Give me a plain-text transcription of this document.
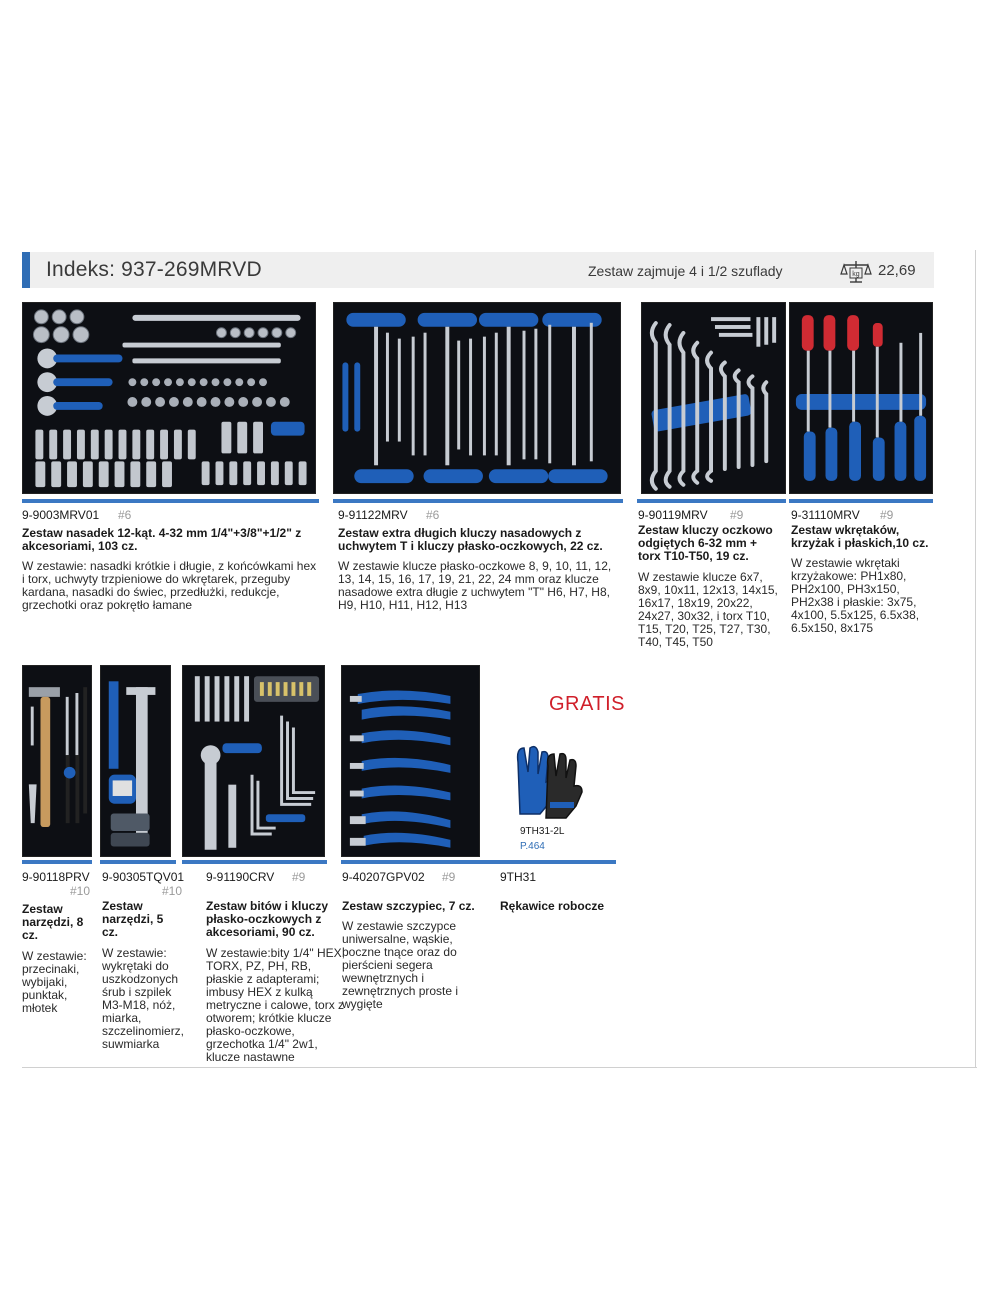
Indeks: 937-269MRVD	Zestaw zajmuje 4 i 1/2 szuflady	kg 22,69
9-9003MRV01 #6
Zestaw nasadek 12-kąt. 4-32 mm 1/4"+3/8"+1/2" z akcesoriami, 103 cz.
W zestawie: nasadki krótkie i długie, z końcówkami hex i torx, uchwyty trzpieniowe do wkrętarek, przeguby kardana, nasadki do świec, przedłużki, redukcje, grzechotki oraz pokrętło łamane
9-91122MRV #6
Zestaw extra długich kluczy nasadowych z uchwytem T i kluczy płasko-oczkowych, 22 cz.
W zestawie klucze płasko-oczkowe 8, 9, 10, 11, 12, 13, 14, 15, 16, 17, 19, 21, 22, 24 mm oraz klucze nasadowe extra długie z uchwytem "T" H6, H7, H8, H9, H10, H11, H12, H13
9-90119MRV #9
Zestaw kluczy oczkowo odgiętych 6-32 mm + torx T10-T50, 19 cz.
W zestawie klucze 6x7, 8x9, 10x11, 12x13, 14x15, 16x17, 18x19, 20x22, 24x27, 30x32, i torx T10, T15, T20, T25, T27, T30, T40, T45, T50
9-31110MRV #9
Zestaw wkrętaków, krzyżak i płaskich,10 cz.
W zestawie wkrętaki krzyżakowe: PH1x80, PH2x100, PH3x150, PH2x38 i płaskie: 3x75, 4x100, 5.5x125, 6.5x38, 6.5x150, 8x175
GRATIS
9TH31-2L
P.464
9-90118PRV
#10
Zestaw narzędzi, 8 cz.
W zestawie: przecinaki, wybijaki, punktak, młotek
9-90305TQV01
#10
Zestaw narzędzi, 5 cz.
W zestawie: wykrętaki do uszkodzonych śrub i szpilek M3-M18, nóż, miarka, szczelinomierz, suwmiarka
9-91190CRV #9
Zestaw bitów i kluczy płasko-oczkowych z akcesoriami, 90 cz.
W zestawie:bity 1/4" HEX, TORX, PZ, PH, RB, płaskie z adapterami; imbusy HEX z kulką metryczne i calowe, torx z otworem; krótkie klucze płasko-oczkowe, grzechotka 1/4" 2w1, klucze nastawne
9-40207GPV02 #9
Zestaw szczypiec, 7 cz.
W zestawie szczypce uniwersalne, wąskie, boczne tnące oraz do pierścieni segera wewnętrznych i zewnętrznych proste i wygięte
9TH31
Rękawice robocze
